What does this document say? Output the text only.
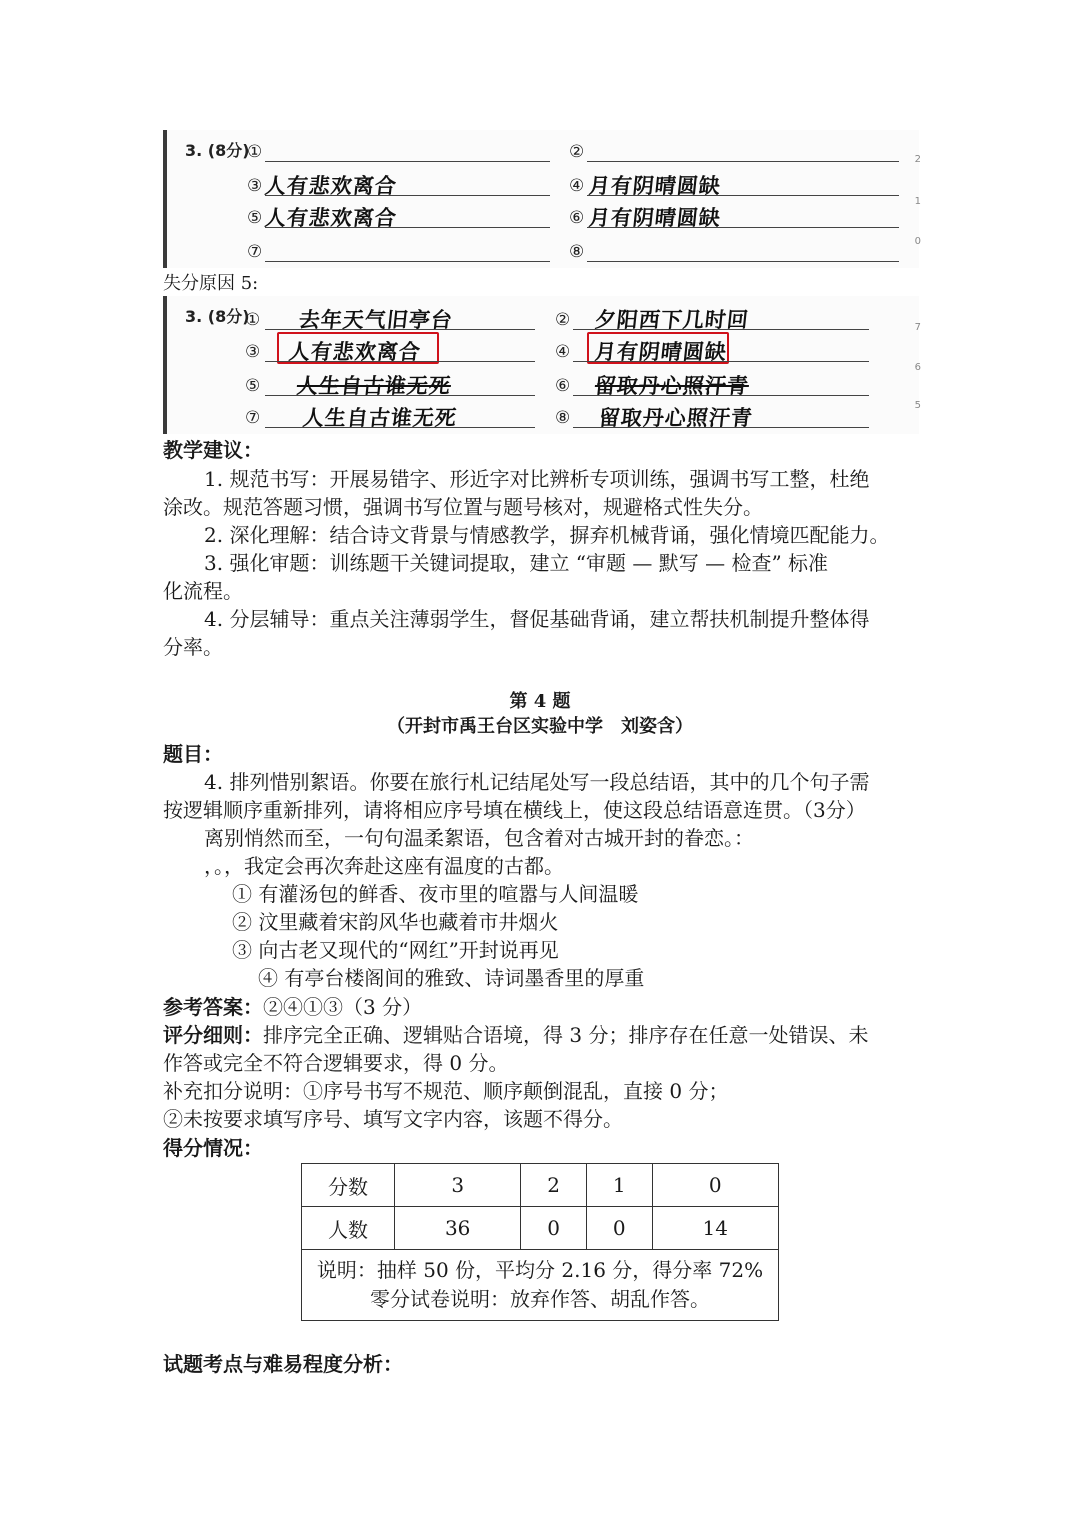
3. (8分)
①	②
③ 人有悲欢离合	④ 月有阴晴圆缺
⑤ 人有悲欢离合	⑥ 月有阴晴圆缺
⑦	⑧
2
1
0
失分原因 5:
3. (8分)
① 去年天气旧亭台	② 夕阳西下几时回
③ 人有悲欢离合	④ 月有阴晴圆缺
⑤ 人生自古谁无死	⑥ 留取丹心照汗青
⑦ 人生自古谁无死	⑧ 留取丹心照汗青
7
6
5
教学建议：
1. 规范书写：开展易错字、形近字对比辨析专项训练，强调书写工整，杜绝
涂改。规范答题习惯，强调书写位置与题号核对，规避格式性失分。
2. 深化理解：结合诗文背景与情感教学，摒弃机械背诵，强化情境匹配能力。
3. 强化审题：训练题干关键词提取，建立 “审题 — 默写 — 检查” 标准
化流程。
4. 分层辅导：重点关注薄弱学生，督促基础背诵，建立帮扶机制提升整体得
分率。
第 4 题
（开封市禹王台区实验中学　刘姿含）
题目：
4. 排列惜别絮语。你要在旅行札记结尾处写一段总结语，其中的几个句子需
按逻辑顺序重新排列，请将相应序号填在横线上，使这段总结语意连贯。（3分）
离别悄然而至，一句句温柔絮语，包含着对古城开封的眷恋。：
，。，我定会再次奔赴这座有温度的古都。
① 有灌汤包的鲜香、夜市里的喧嚣与人间温暖
② 汶里藏着宋韵风华也藏着市井烟火
③ 向古老又现代的“网红”开封说再见
④ 有亭台楼阁间的雅致、诗词墨香里的厚重
参考答案：②④①③（3 分）
评分细则：排序完全正确、逻辑贴合语境，得 3 分；排序存在任意一处错误、未
作答或完全不符合逻辑要求，得 0 分。
补充扣分说明：①序号书写不规范、顺序颠倒混乱，直接 0 分；
②未按要求填写序号、填写文字内容，该题不得分。
得分情况：
分数	3	2	1	0
人数	36	0	0	14

说明：抽样 50 份，平均分 2.16 分，得分率 72%
零分试卷说明：放弃作答、胡乱作答。				
试题考点与难易程度分析：
